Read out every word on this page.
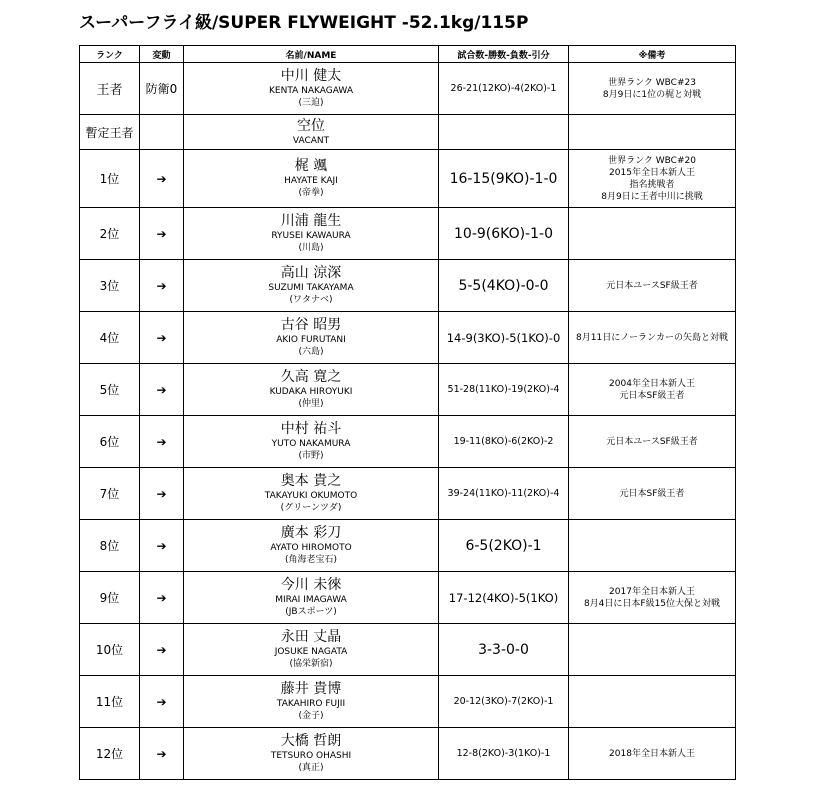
スーパーフライ級/SUPER FLYWEIGHT -52.1kg/115P
ランク	変動	名前/NAME	試合数-勝数-負数-引分	※備考
王者	防衛0	中川 健太
KENTA NAKAGAWA
(三迫)	26-21(12KO)-4(2KO)-1	世界ランク WBC#23
8月9日に1位の梶と対戦

暫定王者		空位
VACANT		

1位	➔	梶 颯
HAYATE KAJI
(帝拳)	16-15(9KO)-1-0	世界ランク WBC#20
2015年全日本新人王
指名挑戦者
8月9日に王者中川に挑戦

2位	➔	川浦 龍生
RYUSEI KAWAURA
(川島)	10-9(6KO)-1-0	
3位	➔	高山 涼深
SUZUMI TAKAYAMA
(ワタナベ)	5-5(4KO)-0-0	元日本ユースSF級王者

4位	➔	古谷 昭男
AKIO FURUTANI
(六島)	14-9(3KO)-5(1KO)-0	8月11日にノーランカーの矢島と対戦

5位	➔	久高 寛之
KUDAKA HIROYUKI
(仲里)	51-28(11KO)-19(2KO)-4	2004年全日本新人王
元日本SF級王者

6位	➔	中村 祐斗
YUTO NAKAMURA
(市野)	19-11(8KO)-6(2KO)-2	元日本ユースSF級王者

7位	➔	奥本 貴之
TAKAYUKI OKUMOTO
(グリーンツダ)	39-24(11KO)-11(2KO)-4	元日本SF級王者

8位	➔	廣本 彩刀
AYATO HIROMOTO
(角海老宝石)	6-5(2KO)-1	
9位	➔	今川 未徠
MIRAI IMAGAWA
(JBスポーツ)	17-12(4KO)-5(1KO)	2017年全日本新人王
8月4日に日本F級15位大保と対戦

10位	➔	永田 丈晶
JOSUKE NAGATA
(協栄新宿)	3-3-0-0	
11位	➔	藤井 貴博
TAKAHIRO FUJII
(金子)	20-12(3KO)-7(2KO)-1	
12位	➔	大橋 哲朗
TETSURO OHASHI
(真正)	12-8(2KO)-3(1KO)-1	2018年全日本新人王
